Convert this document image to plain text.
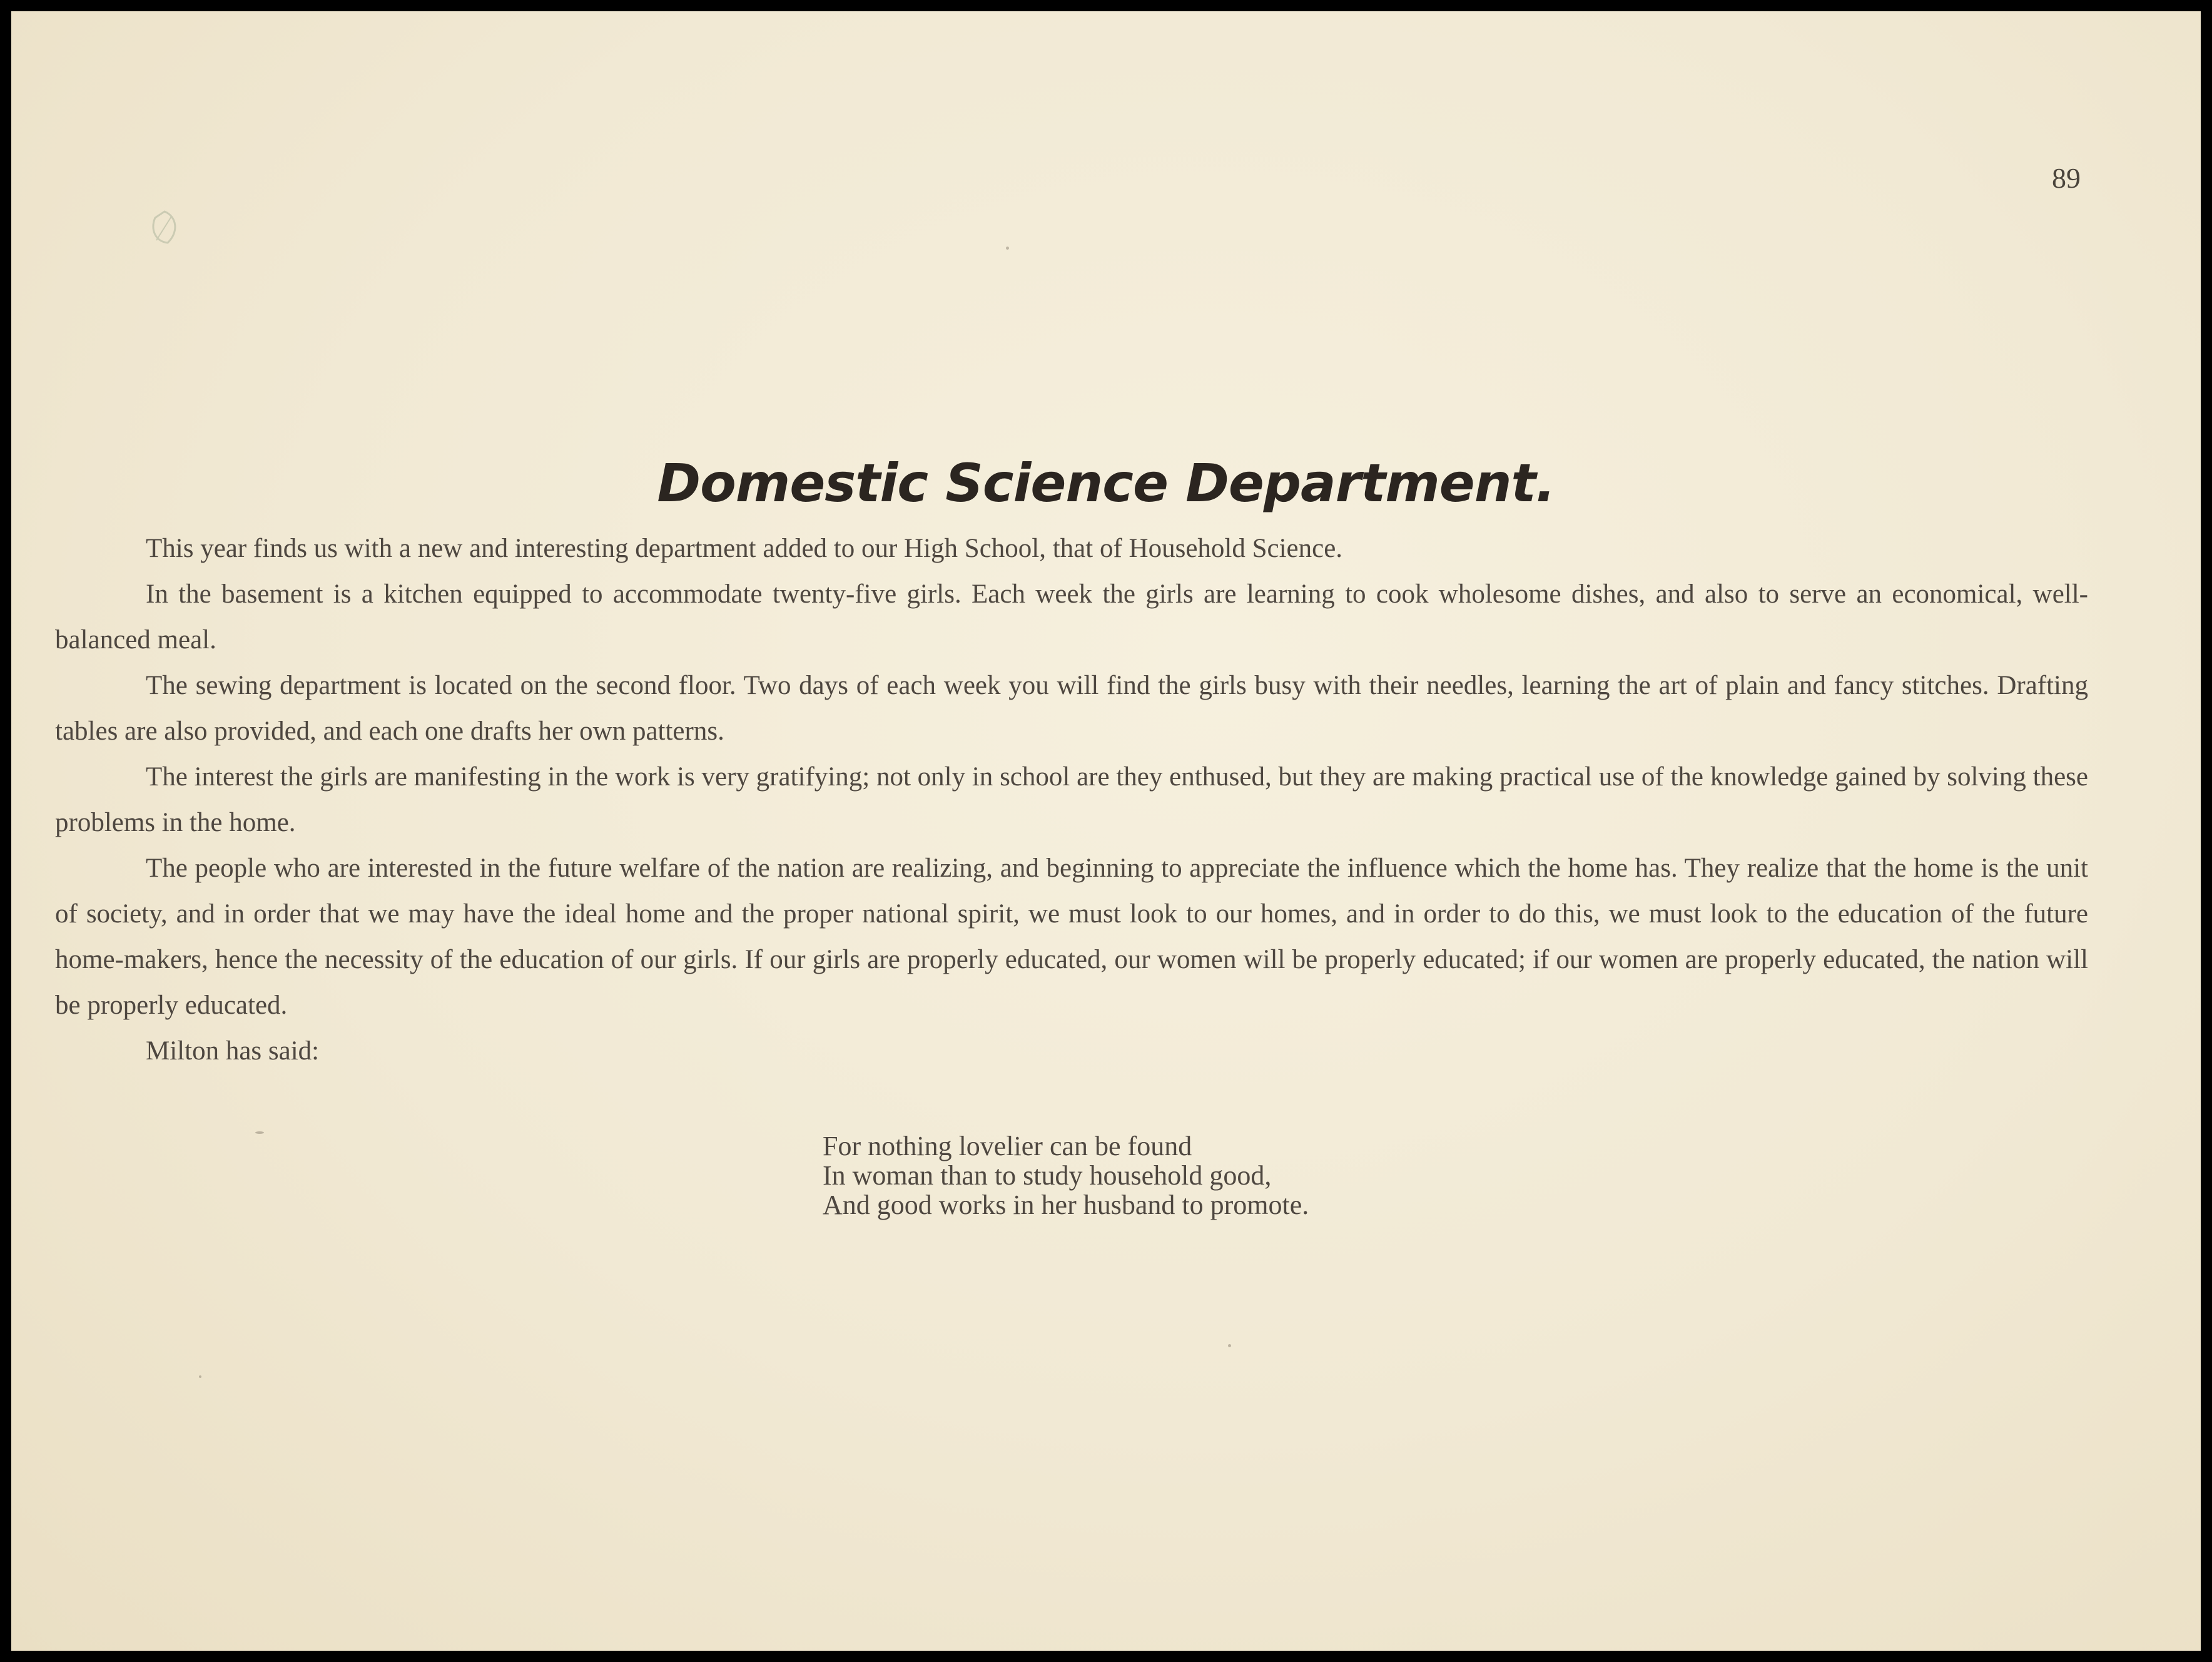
89
Domestic Science Department.

This year finds us with a new and interesting department added to our High School, that of Household Science.

In the basement is a kitchen equipped to accommodate twenty-five girls. Each week the girls are learning to cook wholesome dishes, and also to serve an economical, well-balanced meal.

The sewing department is located on the second floor. Two days of each week you will find the girls busy with their needles, learning the art of plain and fancy stitches. Drafting tables are also provided, and each one drafts her own patterns.

The interest the girls are manifesting in the work is very gratifying; not only in school are they enthused, but they are making practical use of the knowledge gained by solving these problems in the home.

The people who are interested in the future welfare of the nation are realizing, and beginning to appreciate the influence which the home has. They realize that the home is the unit of society, and in order that we may have the ideal home and the proper national spirit, we must look to our homes, and in order to do this, we must look to the education of the future home-makers, hence the necessity of the education of our girls. If our girls are properly educated, our women will be properly educated; if our women are properly educated, the nation will be properly educated.

Milton has said:

For nothing lovelier can be found
In woman than to study household good,
And good works in her husband to promote.
